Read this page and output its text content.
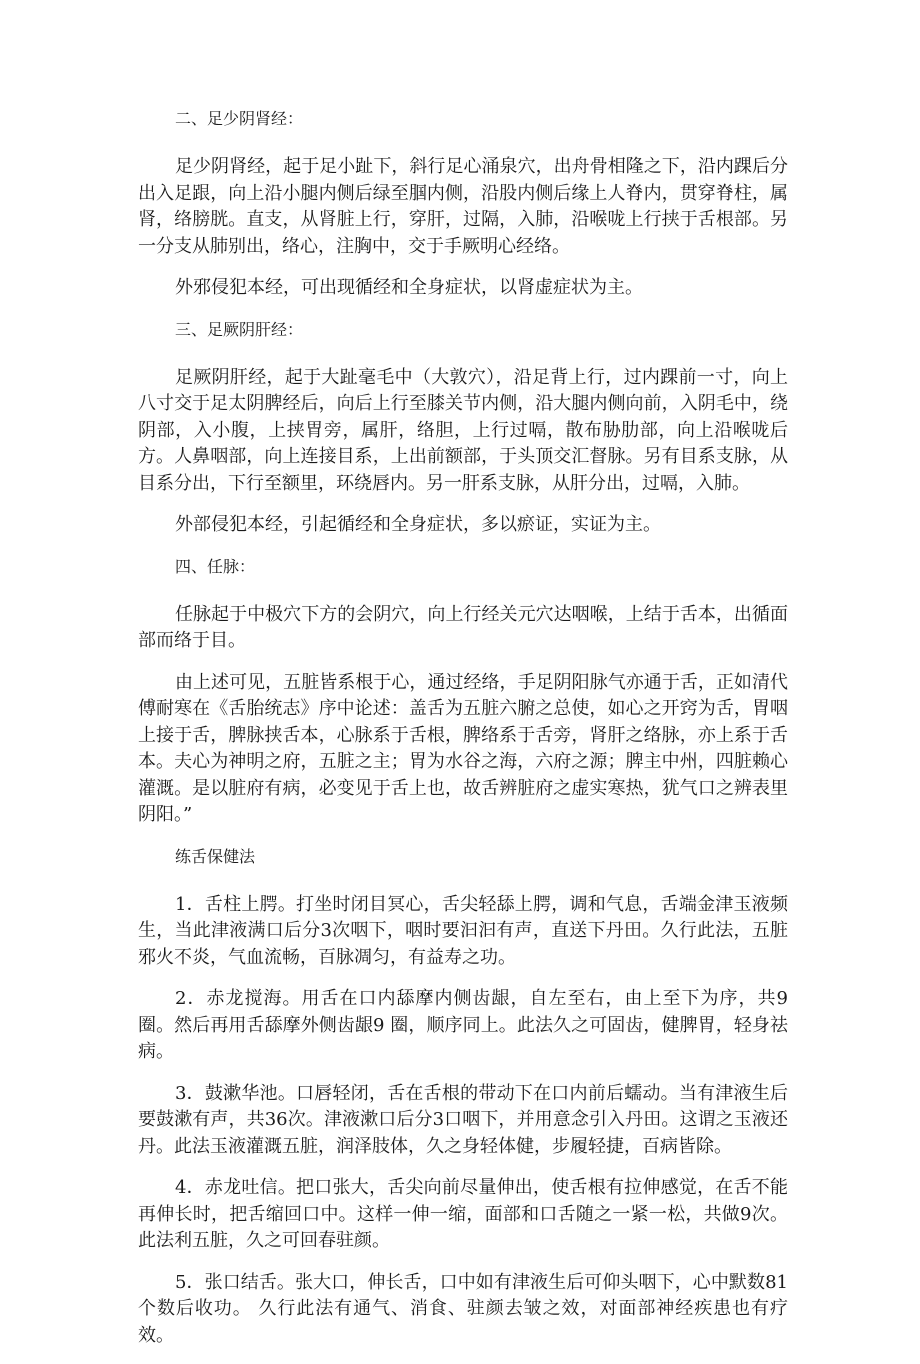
二、足少阴肾经：

足少阴肾经，起于足小趾下，斜行足心涌泉穴，出舟骨相隆之下，沿内踝后分出入足跟，向上沿小腿内侧后绿至腘内侧，沿股内侧后缘上人脊内，贯穿脊柱，属肾，络膀胱。直支，从肾脏上行，穿肝，过隔，入肺，沿喉咙上行挟于舌根部。另一分支从肺别出，络心，注胸中，交于手厥明心经络。

外邪侵犯本经，可出现循经和全身症状，以肾虚症状为主。

三、足厥阴肝经：

足厥阴肝经，起于大趾毫毛中（大敦穴），沿足背上行，过内踝前一寸，向上八寸交于足太阴脾经后，向后上行至膝关节内侧，沿大腿内侧向前，入阴毛中，绕阴部，入小腹，上挟胃旁，属肝，络胆，上行过嗝，散布胁肋部，向上沿喉咙后方。人鼻咽部，向上连接目系，上出前额部，于头顶交汇督脉。另有目系支脉，从目系分出，下行至额里，环绕唇内。另一肝系支脉，从肝分出，过嗝，入肺。

外部侵犯本经，引起循经和全身症状，多以瘀证，实证为主。

四、任脉：

任脉起于中极穴下方的会阴穴，向上行经关元穴达咽喉，上结于舌本，出循面部而络于目。

由上述可见，五脏皆系根于心，通过经络，手足阴阳脉气亦通于舌，正如清代傅耐寒在《舌胎统志》序中论述：盖舌为五脏六腑之总使，如心之开窍为舌，胃咽上接于舌，脾脉挟舌本，心脉系于舌根，脾络系于舌旁，肾肝之络脉，亦上系于舌本。夫心为神明之府，五脏之主；胃为水谷之海，六府之源；脾主中州，四脏赖心灌溉。是以脏府有病，必变见于舌上也，故舌辨脏府之虚实寒热，犹气口之辨表里阴阳。”

练舌保健法

1．舌柱上腭。打坐时闭目冥心，舌尖轻舔上腭，调和气息，舌端金津玉液频生，当此津液满口后分3次咽下，咽时要汩汩有声，直送下丹田。久行此法，五脏邪火不炎，气血流畅，百脉凋匀，有益寿之功。

2．赤龙搅海。用舌在口内舔摩内侧齿龈，自左至右，由上至下为序，共9圈。然后再用舌舔摩外侧齿龈9 圈，顺序同上。此法久之可固齿，健脾胃，轻身祛病。

3．鼓漱华池。口唇轻闭，舌在舌根的带动下在口内前后蠕动。当有津液生后要鼓漱有声，共36次。津液漱口后分3口咽下，并用意念引入丹田。这谓之玉液还丹。此法玉液灌溉五脏，润泽肢体，久之身轻体健，步履轻捷，百病皆除。

4．赤龙吐信。把口张大，舌尖向前尽量伸出，使舌根有拉伸感觉，在舌不能再伸长时，把舌缩回口中。这样一伸一缩，面部和口舌随之一紧一松，共做9次。此法利五脏，久之可回春驻颜。

5．张口结舌。张大口，伸长舌，口中如有津液生后可仰头咽下，心中默数81个数后收功。 久行此法有通气、消食、驻颜去皱之效，对面部神经疾患也有疗效。
